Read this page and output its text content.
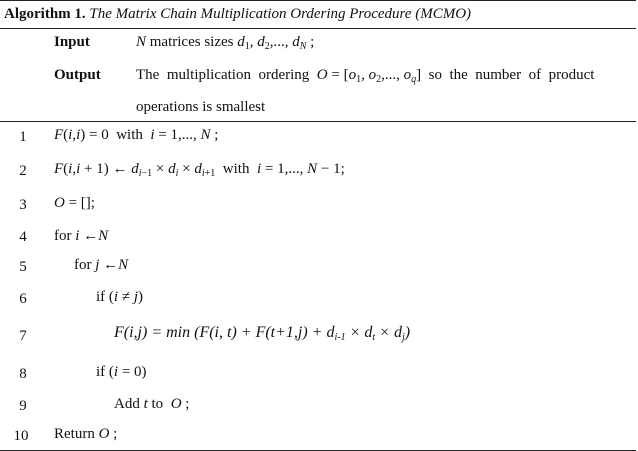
Algorithm 1. The Matrix Chain Multiplication Ordering Procedure (MCMO)
Input	N matrices sizes $d_1$, $d_2$,..., $d_N$ ;
Output The  multiplication  ordering  $O = [o_1$, $o_2$,..., $o_q$]  so  the  number  of  product
operations is smallest
1 F(i,i) = 0  with  i = 1,..., N ;
2 F(i,i + 1) ← $d_{i-1} \times d_i \times d_{i+1}$  with  i = 1,..., N − 1;
3 O = [];
4 for i ←N
5	for j ←N
6	if (i ≠ j)
7	F(i,j) = min (F(i, $t) + F(t+1,j) + d_{i-1} \times d_t \times d_j$)
8	if (i = 0)
9	Add t to  O ;
10 Return O ;
